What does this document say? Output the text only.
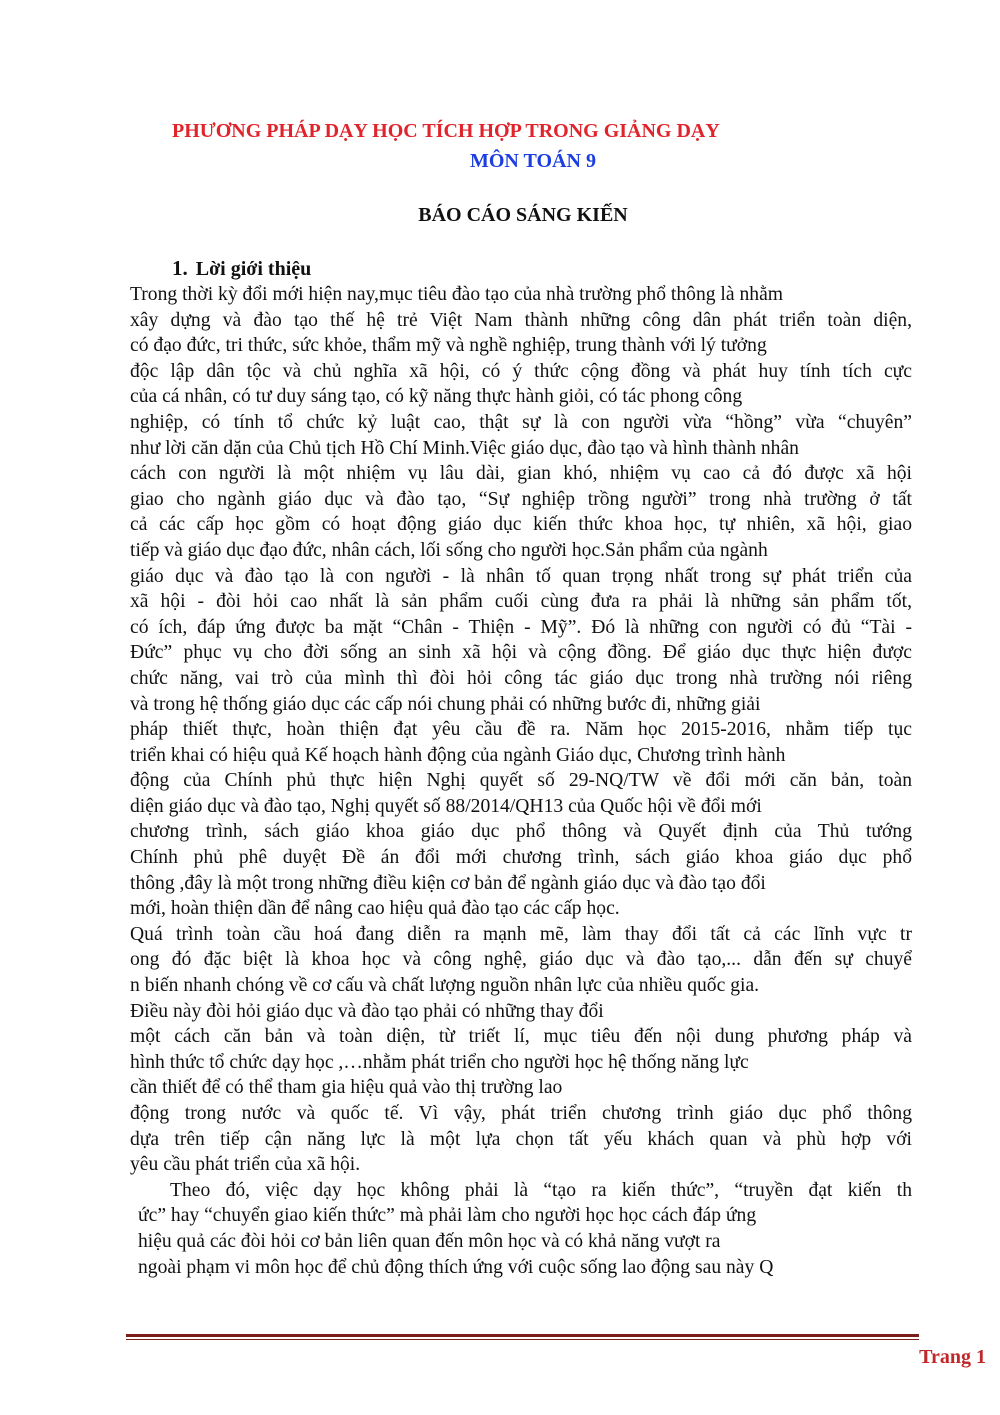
PHƯƠNG PHÁP DẠY HỌC TÍCH HỢP TRONG GIẢNG DẠY
MÔN TOÁN 9
BÁO CÁO SÁNG KIẾN
1. Lời giới thiệu
Trong thời kỳ đổi mới hiện nay,mục tiêu đào tạo của nhà trường phổ thông là nhằm
xây dựng và đào tạo thế hệ trẻ Việt Nam thành những công dân phát triển toàn diện,
có đạo đức, tri thức, sức khỏe, thẩm mỹ và nghề nghiệp, trung thành với lý tưởng
độc lập dân tộc và chủ nghĩa xã hội, có ý thức cộng đồng và phát huy tính tích cực
của cá nhân, có tư duy sáng tạo, có kỹ năng thực hành giỏi, có tác phong công
nghiệp, có tính tổ chức kỷ luật cao, thật sự là con người vừa “hồng” vừa “chuyên”
như lời căn dặn của Chủ tịch Hồ Chí Minh.Việc giáo dục, đào tạo và hình thành nhân
cách con người là một nhiệm vụ lâu dài, gian khó, nhiệm vụ cao cả đó được xã hội
giao cho ngành giáo dục và đào tạo, “Sự nghiệp trồng người” trong nhà trường ở tất
cả các cấp học gồm có hoạt động giáo dục kiến thức khoa học, tự nhiên, xã hội, giao
tiếp và giáo dục đạo đức, nhân cách, lối sống cho người học.Sản phẩm của ngành
giáo dục và đào tạo là con người - là nhân tố quan trọng nhất trong sự phát triển của
xã hội - đòi hỏi cao nhất là sản phẩm cuối cùng đưa ra phải là những sản phẩm tốt,
có ích, đáp ứng được ba mặt “Chân - Thiện - Mỹ”. Đó là những con người có đủ “Tài -
Đức” phục vụ cho đời sống an sinh xã hội và cộng đồng. Để giáo dục thực hiện được
chức năng, vai trò của mình thì đòi hỏi công tác giáo dục trong nhà trường nói riêng
và trong hệ thống giáo dục các cấp nói chung phải có những bước đi, những giải
pháp thiết thực, hoàn thiện đạt yêu cầu đề ra. Năm học 2015-2016, nhằm tiếp tục
triển khai có hiệu quả Kế hoạch hành động của ngành Giáo dục, Chương trình hành
động của Chính phủ thực hiện Nghị quyết số 29-NQ/TW về đổi mới căn bản, toàn
diện giáo dục và đào tạo, Nghị quyết số 88/2014/QH13 của Quốc hội về đổi mới
chương trình, sách giáo khoa giáo dục phổ thông và Quyết định của Thủ tướng
Chính phủ phê duyệt Đề án đổi mới chương trình, sách giáo khoa giáo dục phổ
thông ,đây là một trong những điều kiện cơ bản để ngành giáo dục và đào tạo đổi
mới, hoàn thiện dần để nâng cao hiệu quả đào tạo các cấp học.
Quá trình toàn cầu hoá đang diễn ra mạnh mẽ, làm thay đổi tất cả các lĩnh vực tr
ong đó đặc biệt là khoa học và công nghệ, giáo dục và đào tạo,... dẫn đến sự chuyể
n biến nhanh chóng về cơ cấu và chất lượng nguồn nhân lực của nhiều quốc gia.
Điều này đòi hỏi giáo dục và đào tạo phải có những thay đổi
một cách căn bản và toàn diện, từ triết lí, mục tiêu đến nội dung phương pháp và
hình thức tổ chức dạy học ,…nhằm phát triển cho người học hệ thống năng lực
cần thiết để có thể tham gia hiệu quả vào thị trường lao
động trong nước và quốc tế. Vì vậy, phát triển chương trình giáo dục phổ thông
dựa trên tiếp cận năng lực là một lựa chọn tất yếu khách quan và phù hợp với
yêu cầu phát triển của xã hội.
Theo đó, việc dạy học không phải là “tạo ra kiến thức”, “truyền đạt kiến th
ức” hay “chuyển giao kiến thức” mà phải làm cho người học học cách đáp ứng
hiệu quả các đòi hỏi cơ bản liên quan đến môn học và có khả năng vượt ra
ngoài phạm vi môn học để chủ động thích ứng với cuộc sống lao động sau này Q
Trang 1
